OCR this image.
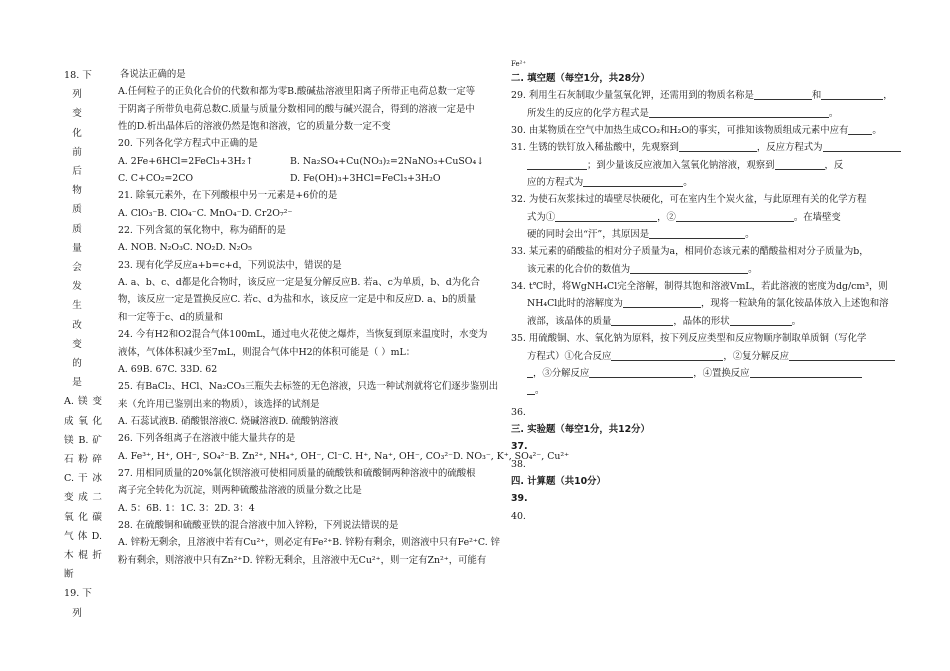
18. 下
列
变
化
前
后
物
质
质
量
会
发
生
改
变
的
是
A. 镁 变
成 氧 化
镁 B. 矿
石 粉 碎
C. 干 冰
变 成 二
氧 化 碳
气 体 D.
木 棍 折
断
19. 下
列
各说法正确的是
A.任何粒子的正负化合价的代数和都为零B.酸碱盐溶液里阳离子所带正电荷总数一定等
于阴离子所带负电荷总数C.质量与质量分数相同的酸与碱兴混合，得到的溶液一定是中
性的D.析出晶体后的溶液仍然是饱和溶液，它的质量分数一定不变
20. 下列各化学方程式中正确的是
A. 2Fe+6HCl=2FeCl₃+3H₂↑	B. Na₂SO₄+Cu(NO₃)₂=2NaNO₃+CuSO₄↓
C. C+CO₂=2CO	D. Fe(OH)₃+3HCl=FeCl₃+3H₂O
21. 除氧元素外，在下列酸根中另一元素是+6价的是
A. ClO₃⁻B. ClO₄⁻C. MnO₄⁻D. Cr2O₇²⁻
22. 下列含氮的氧化物中，称为硝酐的是
A. NOB. N₂O₃C. NO₂D. N₂O₅
23. 现有化学反应a+b=c+d，下列说法中，错误的是
A. a、b、c、d都是化合物时，该反应一定是复分解反应B. 若a、c为单质，b、d为化合
物，该反应一定是置换反应C. 若c、d为盐和水，该反应一定是中和反应D. a、b的质量
和一定等于c、d的质量和
24. 今有H2和O2混合气体100mL，通过电火花使之爆炸，当恢复到原来温度时，水变为
液体，气体体积减少至7mL，则混合气体中H2的体积可能是（ ）mL：
A. 69B. 67C. 33D. 62
25. 有BaCl₂、HCl、Na₂CO₃三瓶失去标签的无色溶液，只选一种试剂就将它们逐步鉴别出
来（允许用已鉴别出来的物质），该选择的试剂是
A. 石蕊试液B. 硝酸银溶液C. 烧碱溶液D. 硫酸钠溶液
26. 下列各组离子在溶液中能大量共存的是
A. Fe³⁺, H⁺, OH⁻, SO₄²⁻B. Zn²⁺, NH₄⁺, OH⁻, Cl⁻C. H⁺, Na⁺, OH⁻, CO₃²⁻D. NO₃⁻, K⁺, SO₄²⁻, Cu²⁺
27. 用相同质量的20%氯化钡溶液可使相同质量的硫酸铁和硫酸铜两种溶液中的硫酸根
离子完全转化为沉淀，则两种硫酸盐溶液的质量分数之比是
A. 5：6B. 1：1C. 3：2D. 3：4
28. 在硫酸铜和硫酸亚铁的混合溶液中加入锌粉，下列说法错误的是
A. 锌粉无剩余，且溶液中若有Cu²⁺，则必定有Fe²⁺B. 锌粉有剩余，则溶液中只有Fe²⁺C. 锌
粉有剩余，则溶液中只有Zn²⁺D. 锌粉无剩余，且溶液中无Cu²⁺，则一定有Zn²⁺，可能有
Fe²⁺
二. 填空题（每空1分，共28分）
29. 利用生石灰制取少量氢氧化钾，还需用到的物质名称是	和	，
所发生的反应的化学方程式是	。
30. 由某物质在空气中加热生成CO₂和H₂O的事实，可推知该物质组成元素中应有	。
31. 生锈的铁钉放入稀盐酸中，先观察到	，反应方程式为
；到少量该反应液加入氢氧化钠溶液，观察到	，反
应的方程式为	。
32. 为使石灰浆抹过的墙壁尽快硬化，可在室内生个炭火盆，与此原理有关的化学方程
式为①	，②	。在墙壁变
硬的同时会出“汗”，其原因是	。
33. 某元素的硝酸盐的相对分子质量为a，相同价态该元素的醋酸盐相对分子质量为b，
该元素的化合价的数值为	。
34. t℃时，将WgNH₄Cl完全溶解，制得其饱和溶液VmL，若此溶液的密度为dg/cm³，则
NH₄Cl此时的溶解度为	，现将一粒缺角的氯化铵晶体放入上述饱和溶
液部，该晶体的质量	，晶体的形状	。
35. 用硫酸铜、水、氧化钠为原料，按下列反应类型和反应物顺序制取单质铜（写化学
方程式）①化合反应	，②复分解反应
，③分解反应	，④置换反应
。
36.
三. 实验题（每空1分，共12分）
37.
38.
四. 计算题（共10分）
39.
40.
